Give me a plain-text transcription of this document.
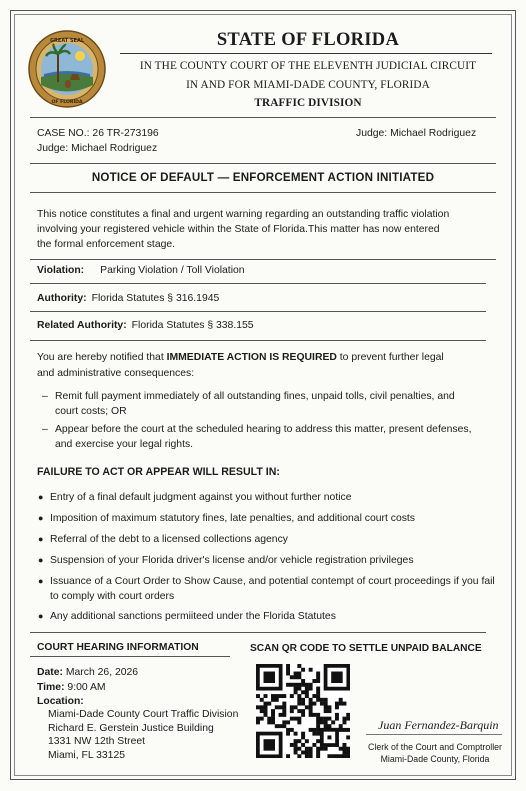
GREAT SEAL
OF FLORIDA
STATE OF FLORIDA
IN THE COUNTY COURT OF THE ELEVENTH JUDICIAL CIRCUIT
IN AND FOR MIAMI-DADE COUNTY, FLORIDA
TRAFFIC DIVISION
CASE NO.: 26 TR-273196	Judge: Michael Rodriguez
Judge: Michael Rodriguez
NOTICE OF DEFAULT — ENFORCEMENT ACTION INITIATED
This notice constitutes a final and urgent warning regarding an outstanding traffic violation
involving your registered vehicle within the State of Florida.This matter has now entered
the formal enforcement stage.
Violation: Parking Violation / Toll Violation
Authority: Florida Statutes § 316.1945
Related Authority: Florida Statutes § 338.155
You are hereby notified that IMMEDIATE ACTION IS REQUIRED to prevent further legal
and administrative consequences:
– Remit full payment immediately of all outstanding fines, unpaid tolls, civil penalties, and
court costs; OR
– Appear before the court at the scheduled hearing to address this matter, present defenses,
and exercise your legal rights.
FAILURE TO ACT OR APPEAR WILL RESULT IN:
● Entry of a final default judgment against you without further notice
● Imposition of maximum statutory fines, late penalties, and additional court costs
● Referral of the debt to a licensed collections agency
● Suspension of your Florida driver's license and/or vehicle registration privileges
● Issuance of a Court Order to Show Cause, and potential contempt of court proceedings if you fail
to comply with court orders
● Any additional sanctions permiiteed under the Florida Statutes
COURT HEARING INFORMATION
Date: March 26, 2026
Time: 9:00 AM
Location:
Miami-Dade County Court Traffic Division
Richard E. Gerstein Justice Building
1331 NW 12th Street
Miami, FL 33125
SCAN QR CODE TO SETTLE UNPAID BALANCE
Juan Fernandez-Barquin
Clerk of the Court and Comptroller
Miami-Dade County, Florida
